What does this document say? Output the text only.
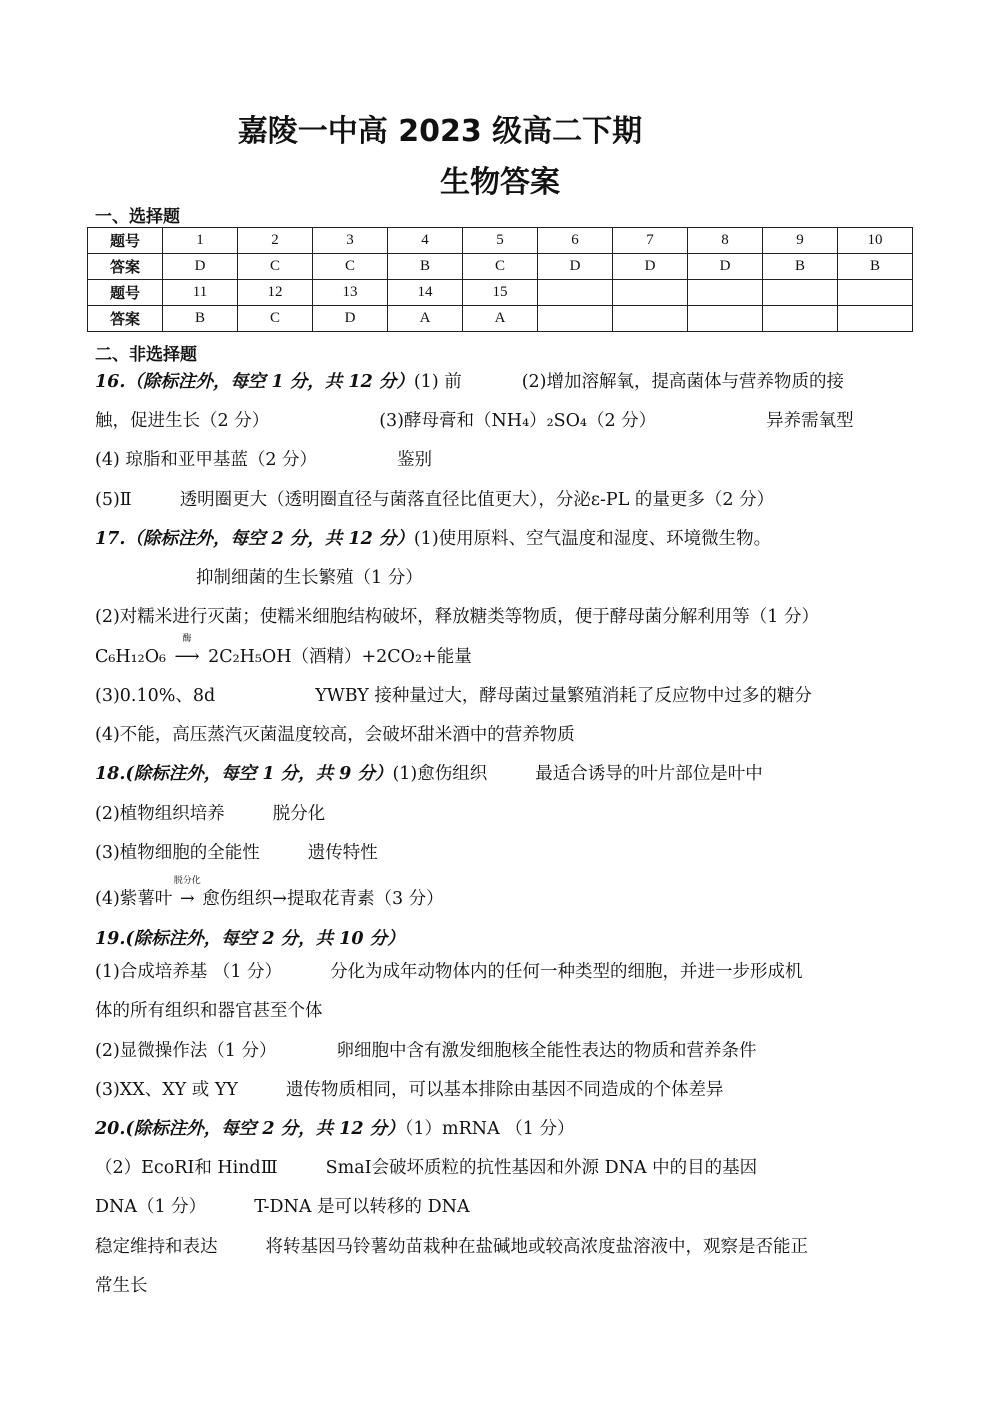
嘉陵一中高 2023 级高二下期
生物答案
一、选择题
题号	1	2	3	4	5	6	7	8	9	10
答案	D	C	C	B	C	D	D	D	B	B
题号	11	12	13	14	15					
答案	B	C	D	A	A					
二、非选择题
16.（除标注外，每空 1 分，共 12 分）(1) 前	(2)增加溶解氧，提高菌体与营养物质的接
触，促进生长（2 分）	(3)酵母膏和（NH₄）₂SO₄（2 分）	异养需氧型
(4) 琼脂和亚甲基蓝（2 分）	鉴别
(5)Ⅱ	透明圈更大（透明圈直径与菌落直径比值更大），分泌ε-PL 的量更多（2 分）
17.（除标注外，每空 2 分，共 12 分）(1)使用原料、空气温度和湿度、环境微生物。
抑制细菌的生长繁殖（1 分）
(2)对糯米进行灭菌；使糯米细胞结构破坏，释放糖类等物质，便于酵母菌分解利用等（1 分）
C₆H₁₂O₆
酶
⟶ 2C₂H₅OH（酒精）+2CO₂+能量
(3)0.10%、8d	YWBY 接种量过大，酵母菌过量繁殖消耗了反应物中过多的糖分
(4)不能，高压蒸汽灭菌温度较高，会破坏甜米酒中的营养物质
18.(除标注外，每空 1 分，共 9 分）(1)愈伤组织	最适合诱导的叶片部位是叶中
(2)植物组织培养	脱分化
(3)植物细胞的全能性	遗传特性
(4)紫薯叶
脱分化
→ 愈伤组织→提取花青素（3 分）
19.(除标注外，每空 2 分，共 10 分）
(1)合成培养基 （1 分）	分化为成年动物体内的任何一种类型的细胞，并进一步形成机
体的所有组织和器官甚至个体
(2)显微操作法（1 分）	卵细胞中含有激发细胞核全能性表达的物质和营养条件
(3)XX、XY 或 YY	遗传物质相同，可以基本排除由基因不同造成的个体差异
20.(除标注外，每空 2 分，共 12 分）（1）mRNA （1 分）
（2）EcoRⅠ和 HindⅢ	SmaⅠ会破坏质粒的抗性基因和外源 DNA 中的目的基因
DNA（1 分）	T-DNA 是可以转移的 DNA
稳定维持和表达	将转基因马铃薯幼苗栽种在盐碱地或较高浓度盐溶液中，观察是否能正
常生长
